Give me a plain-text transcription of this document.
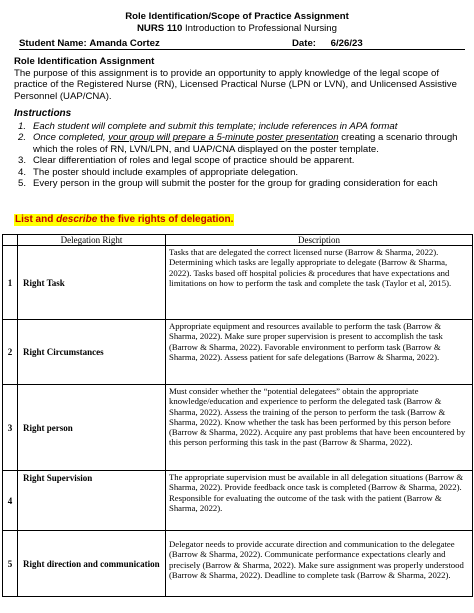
Role Identification/Scope of Practice Assignment
NURS 110 Introduction to Professional Nursing
Student Name: Amanda Cortez	Date: 6/26/23
Role Identification Assignment
The purpose of this assignment is to provide an opportunity to apply knowledge of the legal scope of practice of the Registered Nurse (RN), Licensed Practical Nurse (LPN or LVN), and Unlicensed Assistive Personnel (UAP/CNA).
Instructions
1. Each student will complete and submit this template; include references in APA format
2. Once completed, your group will prepare a 5-minute poster presentation creating a scenario through which the roles of RN, LVN/LPN, and UAP/CNA displayed on the poster template.
3. Clear differentiation of roles and legal scope of practice should be apparent.
4. The poster should include examples of appropriate delegation.
5. Every person in the group will submit the poster for the group for grading consideration for each
List and describe the five rights of delegation.
	Delegation Right	Description
1	Right Task	Tasks that are delegated the correct licensed nurse (Barrow & Sharma, 2022). Determining which tasks are legally appropriate to delegate (Barrow & Sharma, 2022). Tasks based off hospital policies & procedures that have expectations and limitations on how to perform the task and complete the task (Taylor et al, 2015).
2	Right Circumstances	Appropriate equipment and resources available to perform the task (Barrow & Sharma, 2022). Make sure proper supervision is present to accomplish the task (Barrow & Sharma, 2022). Favorable environment to perform task (Barrow & Sharma, 2022). Assess patient for safe delegations (Barrow & Sharma, 2022).
3	Right person	Must consider whether the “potential delegatees” obtain the appropriate knowledge/education and experience to perform the delegated task (Barrow & Sharma, 2022). Assess the training of the person to perform the task (Barrow & Sharma, 2022). Know whether the task has been performed by this person before (Barrow & Sharma, 2022). Acquire any past problems that have been encountered by this person performing this task in the past (Barrow & Sharma, 2022).
4	Right Supervision	The appropriate supervision must be available in all delegation situations (Barrow & Sharma, 2022). Provide feedback once task is completed (Barrow & Sharma, 2022). Responsible for evaluating the outcome of the task with the patient (Barrow & Sharma, 2022).
5	Right direction and communication	Delegator needs to provide accurate direction and communication to the delegatee (Barrow & Sharma, 2022). Communicate performance expectations clearly and precisely (Barrow & Sharma, 2022). Make sure assignment was properly understood (Barrow & Sharma, 2022). Deadline to complete task (Barrow & Sharma, 2022).
